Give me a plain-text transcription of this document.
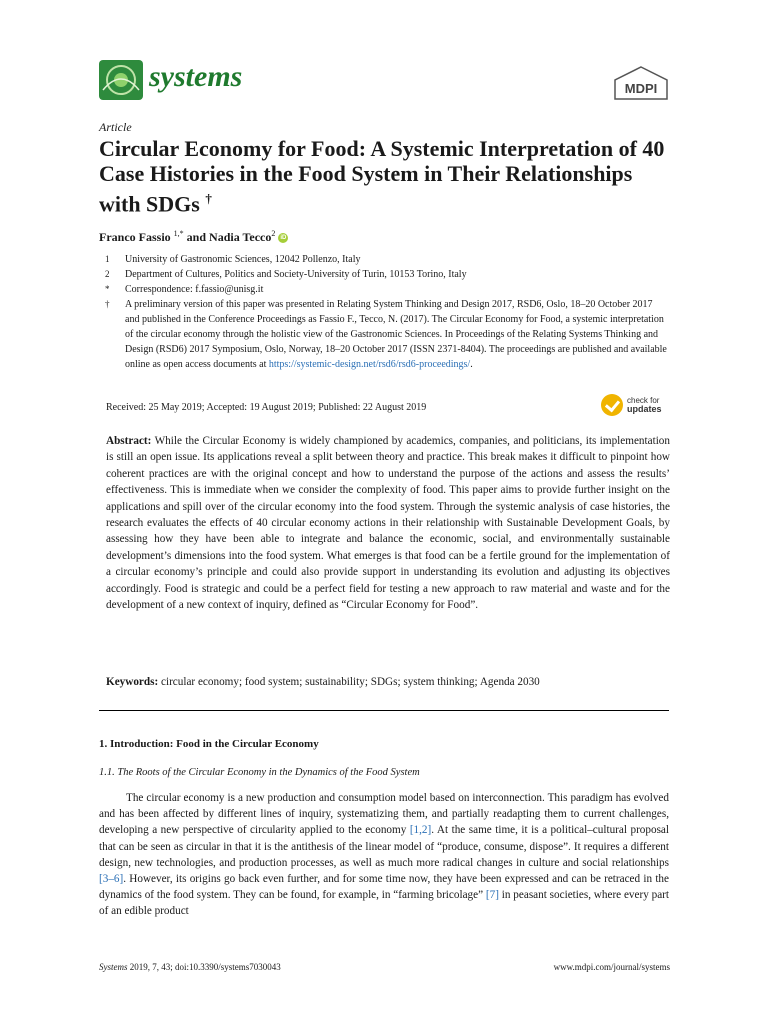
systems	MDPI
Article
Circular Economy for Food: A Systemic Interpretation of 40 Case Histories in the Food System in Their Relationships with SDGs †
Franco Fassio $^{1,*}$ and Nadia Tecco$^2$ iD
1	University of Gastronomic Sciences, 12042 Pollenzo, Italy
2	Department of Cultures, Politics and Society-University of Turin, 10153 Torino, Italy
*	Correspondence: f.fassio@unisg.it
†	A preliminary version of this paper was presented in Relating System Thinking and Design 2017, RSD6, Oslo, 18–20 October 2017 and published in the Conference Proceedings as Fassio F., Tecco, N. (2017). The Circular Economy for Food, a systemic interpretation of the circular economy through the holistic view of the Gastronomic Sciences. In Proceedings of the Relating Systems Thinking and Design (RSD6) 2017 Symposium, Oslo, Norway, 18–20 October 2017 (ISSN 2371-8404). The proceedings are published and available online as open access documents at https://systemic-design.net/rsd6/rsd6-proceedings/.
Received: 25 May 2019; Accepted: 19 August 2019; Published: 22 August 2019
check for
updates
Abstract: While the Circular Economy is widely championed by academics, companies, and politicians, its implementation is still an open issue. Its applications reveal a split between theory and practice. This break makes it difficult to pinpoint how coherent practices are with the original concept and how to understand the purpose of the actions and assess the results’ effectiveness. This is immediate when we consider the complexity of food. This paper aims to provide further insight on the applications and spill over of the circular economy into the food system. Through the systemic analysis of case histories, the research evaluates the effects of 40 circular economy actions in their relationship with Sustainable Development Goals, by assessing how they have been able to integrate and balance the economic, social, and environmentally sustainable development’s dimensions into the food system. What emerges is that food can be a fertile ground for the implementation of a circular economy’s principle and could also provide support in understanding its evolution and adjusting its objectives accordingly. Food is strategic and could be a perfect field for testing a new approach to raw material and waste and for the development of a new context of inquiry, defined as “Circular Economy for Food”.
Keywords: circular economy; food system; sustainability; SDGs; system thinking; Agenda 2030
1. Introduction: Food in the Circular Economy
1.1. The Roots of the Circular Economy in the Dynamics of the Food System
The circular economy is a new production and consumption model based on interconnection. This paradigm has evolved and has been affected by different lines of inquiry, systematizing them, and partially readapting them to current challenges, developing a new perspective of circularity applied to the economy [1,2]. At the same time, it is a political–cultural proposal that can be seen as circular in that it is the antithesis of the linear model of “produce, consume, dispose”. It requires a different design, new technologies, and production processes, as well as much more radical changes in culture and social relationships [3–6]. However, its origins go back even further, and for some time now, they have been expressed and can be retraced in the dynamics of the food system. They can be found, for example, in “farming bricolage” [7] in peasant societies, where every part of an edible product
Systems 2019, 7, 43; doi:10.3390/systems7030043	www.mdpi.com/journal/systems
